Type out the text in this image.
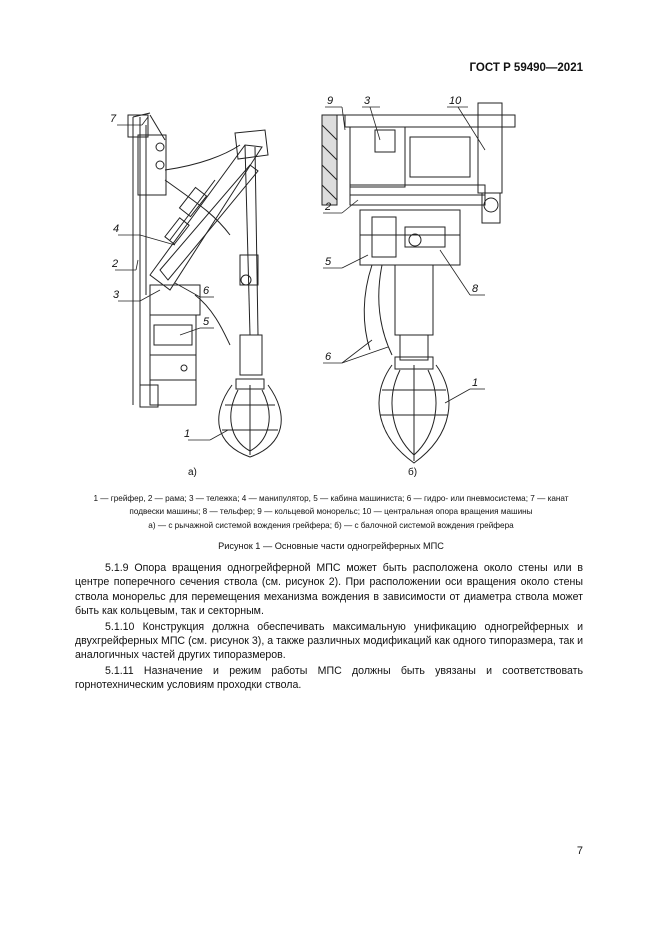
ГОСТ Р 59490—2021
7
4
2
3	6
5
1
9	3	10
2
5
8
6
1
а)	б)
1 — грейфер, 2 — рама; 3 — тележка; 4 — манипулятор, 5 — кабина машиниста; 6 — гидро- или пневмосистема; 7 — канат
подвески машины; 8 — тельфер; 9 — кольцевой монорельс; 10 — центральная опора вращения машины
а) — с рычажной системой вождения грейфера; б) — с балочной системой вождения грейфера
Рисунок 1 — Основные части одногрейферных МПС

5.1.9 Опора вращения одногрейферной МПС может быть расположена около стены или в центре поперечного сечения ствола (см. рисунок 2). При расположении оси вращения около стены ствола монорельс для перемещения механизма вождения в зависимости от диаметра ствола может быть как кольцевым, так и секторным.

5.1.10 Конструкция должна обеспечивать максимальную унификацию одногрейферных и двухгрейферных МПС (см. рисунок 3), а также различных модификаций как одного типоразмера, так и аналогичных частей других типоразмеров.

5.1.11 Назначение и режим работы МПС должны быть увязаны и соответствовать горнотехническим условиям проходки ствола.

7
